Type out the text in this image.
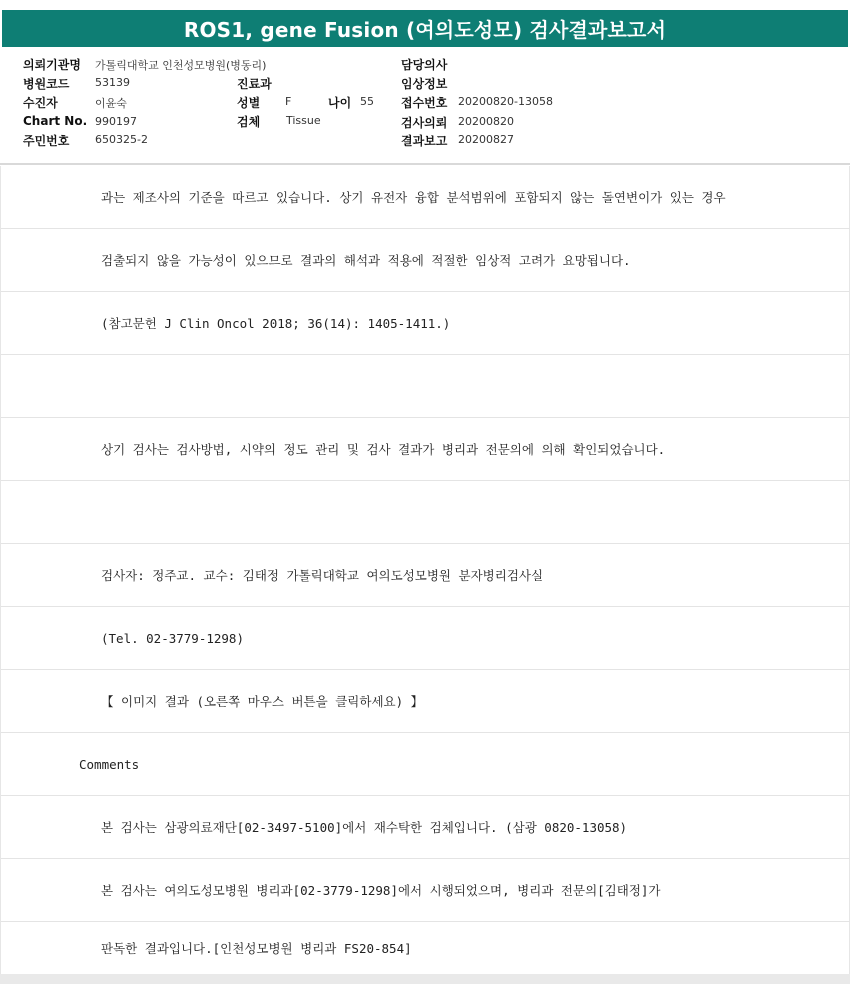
ROS1, gene Fusion (여의도성모) 검사결과보고서
의뢰기관명 가톨릭대학교 인천성모병원(병동리)
병원코드 53139
수진자	이윤숙
Chart No. 990197
주민번호 650325-2
진료과
성별 F	나이 55
검체 Tissue
담당의사
임상정보
접수번호 20200820-13058
검사의뢰 20200820
결과보고 20200827
과는 제조사의 기준을 따르고 있습니다. 상기 유전자 융합 분석범위에 포함되지 않는 돌연변이가 있는 경우
검출되지 않을 가능성이 있으므로 결과의 해석과 적용에 적절한 임상적 고려가 요망됩니다.
(참고문헌 J Clin Oncol 2018; 36(14): 1405-1411.)
상기 검사는 검사방법, 시약의 정도 관리 및 검사 결과가 병리과 전문의에 의해 확인되었습니다.
검사자: 정주교. 교수: 김태정 가톨릭대학교 여의도성모병원 분자병리검사실
(Tel. 02-3779-1298)
【 이미지 결과 (오른쪽 마우스 버튼을 클릭하세요) 】
Comments
본 검사는 삼광의료재단[02-3497-5100]에서 재수탁한 검체입니다. (삼광 0820-13058)
본 검사는 여의도성모병원 병리과[02-3779-1298]에서 시행되었으며, 병리과 전문의[김태정]가
판독한 결과입니다.[인천성모병원 병리과 FS20-854]
